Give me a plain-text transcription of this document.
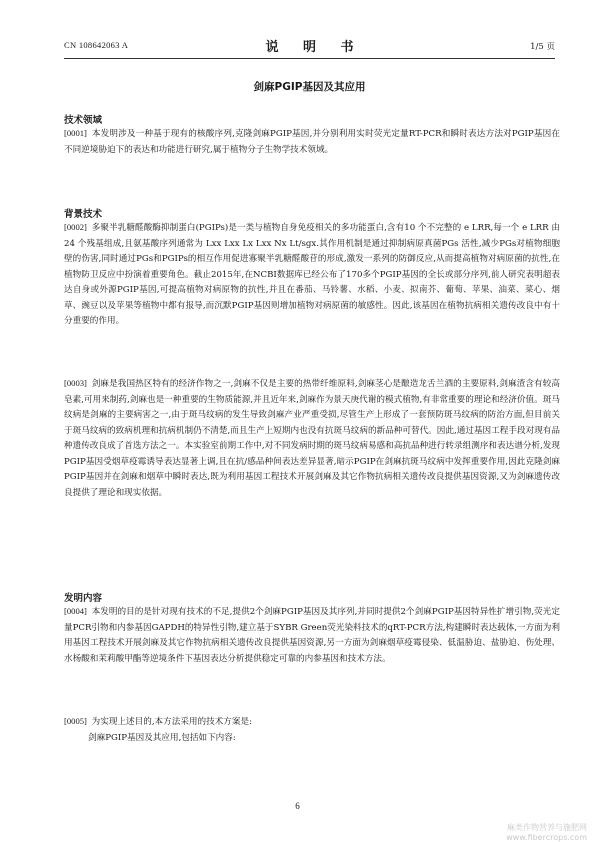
CN 108642063 A	说 明 书	1/5 页
剑麻PGIP基因及其应用
技术领域
[0001] 本发明涉及一种基于现有的核酸序列,克隆剑麻PGIP基因,并分别利用实时荧光定量RT-PCR和瞬时表达方法对PGIP基因在不同逆境胁迫下的表达和功能进行研究,属于植物分子生物学技术领域。
背景技术
[0002] 多聚半乳糖醛酸酶抑制蛋白(PGIPs)是一类与植物自身免疫相关的多功能蛋白,含有10 个不完整的 e LRR,每一个 e LRR 由 24 个残基组成,且氨基酸序列通常为 Lxx Lxx Lx Lxx Nx Lt/sgx.其作用机制是通过抑制病原真菌PGs 活性,减少PGs对植物细胞壁的伤害,同时通过PGs和PGIPs的相互作用促进寡聚半乳糖醛酸苷的形成,激发一系列的防御反应,从而提高植物对病原菌的抗性,在植物防卫反应中扮演着重要角色。截止2015年,在NCBI数据库已经公布了170多个PGIP基因的全长或部分序列,前人研究表明超表达自身或外源PGIP基因,可提高植物对病原物的抗性,并且在番茄、马铃薯、水稻、小麦、拟南芥、葡萄、苹果、油菜、菜心、烟草、豌豆以及苹果等植物中都有报导,而沉默PGIP基因则增加植物对病原菌的敏感性。因此,该基因在植物抗病相关遗传改良中有十分重要的作用。
[0003] 剑麻是我国热区特有的经济作物之一,剑麻不仅是主要的热带纤维原料,剑麻茎心是酿造龙舌兰酒的主要原料,剑麻渣含有较高皂素,可用来制药,剑麻也是一种重要的生物质能源,并且近年来,剑麻作为景天庚代谢的模式植物,有非常重要的理论和经济价值。斑马纹病是剑麻的主要病害之一,由于斑马纹病的发生导致剑麻产业严重受损,尽管生产上形成了一套预防斑马纹病的防治方面,但目前关于斑马纹病的致病机理和抗病机制仍不清楚,而且生产上短期内也没有抗斑马纹病的新品种可替代。因此,通过基因工程手段对现有品种遗传改良成了首选方法之一。本实验室前期工作中,对不同发病时期的斑马纹病易感和高抗品种进行转录组测序和表达谱分析,发现PGIP基因受烟草疫霉诱导表达显著上调,且在抗/感品种间表达差异显著,暗示PGIP在剑麻抗斑马纹病中发挥重要作用,因此克隆剑麻PGIP基因并在剑麻和烟草中瞬时表达,既为利用基因工程技术开展剑麻及其它作物抗病相关遗传改良提供基因资源,又为剑麻遗传改良提供了理论和现实依据。
发明内容
[0004] 本发明的目的是针对现有技术的不足,提供2个剑麻PGIP基因及其序列,并同时提供2个剑麻PGIP基因特异性扩增引物,荧光定量PCR引物和内参基因GAPDH的特异性引物,建立基于SYBR Green荧光染料技术的qRT-PCR方法,构建瞬时表达载体,一方面为利用基因工程技术开展剑麻及其它作物抗病相关遗传改良提供基因资源,另一方面为剑麻烟草疫霉侵染、低温胁迫、盐胁迫、伤处理、水杨酸和茉莉酸甲酯等逆境条件下基因表达分析提供稳定可靠的内参基因和技术方法。
[0005] 为实现上述目的,本方法采用的技术方案是:
剑麻PGIP基因及其应用,包括如下内容:
6
麻类作物营养与施肥网
www.fibercrops.com
